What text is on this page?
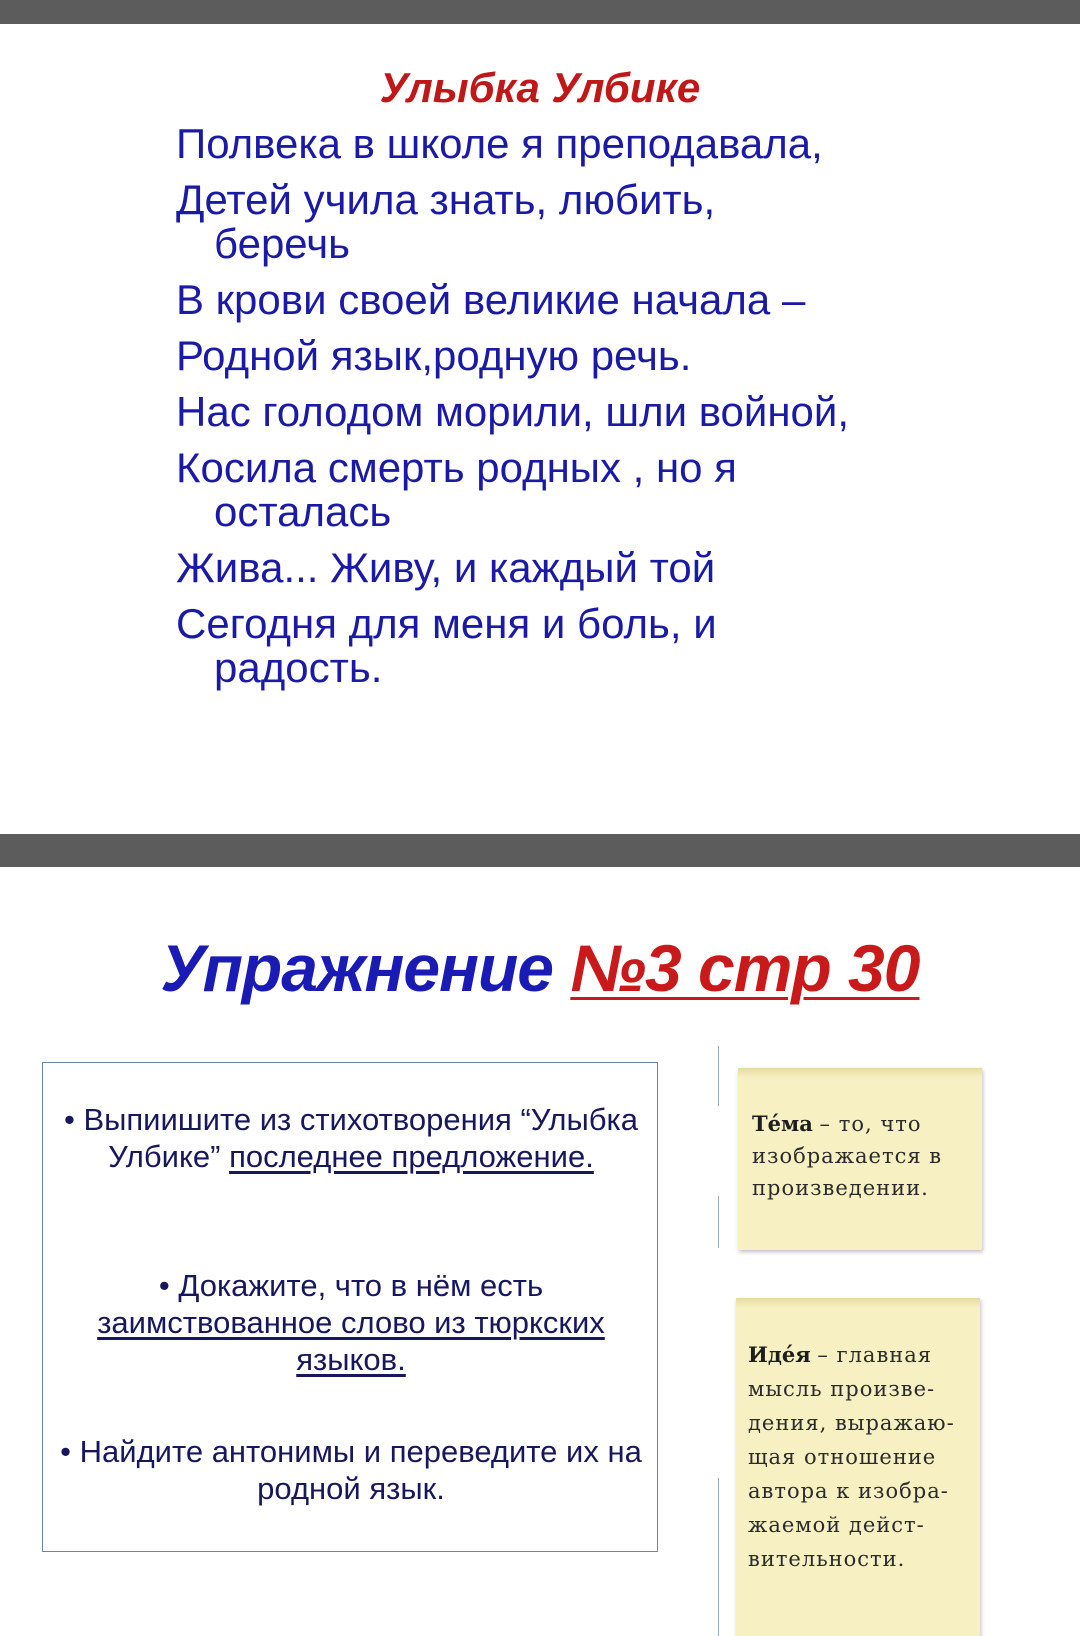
Улыбка Улбике
Полвека в школе я преподавала,
Детей учила знать, любить,
беречь
В крови своей великие начала –
Родной язык,родную речь.
Нас голодом морили, шли войной,
Косила смерть родных , но я
осталась
Жива... Живу, и каждый той
Сегодня для меня и боль, и
радость.
Упражнение №3 стр 30
• Выпиишите из стихотворения “Улыбка Улбике” последнее предложение.
• Докажите, что в нём есть
заимствованное слово из тюркских языков.
• Найдите антонимы и переведите их на родной язык.
Те́ма – то, что изображается в произведении.
Иде́я – главная мысль произведения, выражающая отношение автора к изображаемой действительности.
